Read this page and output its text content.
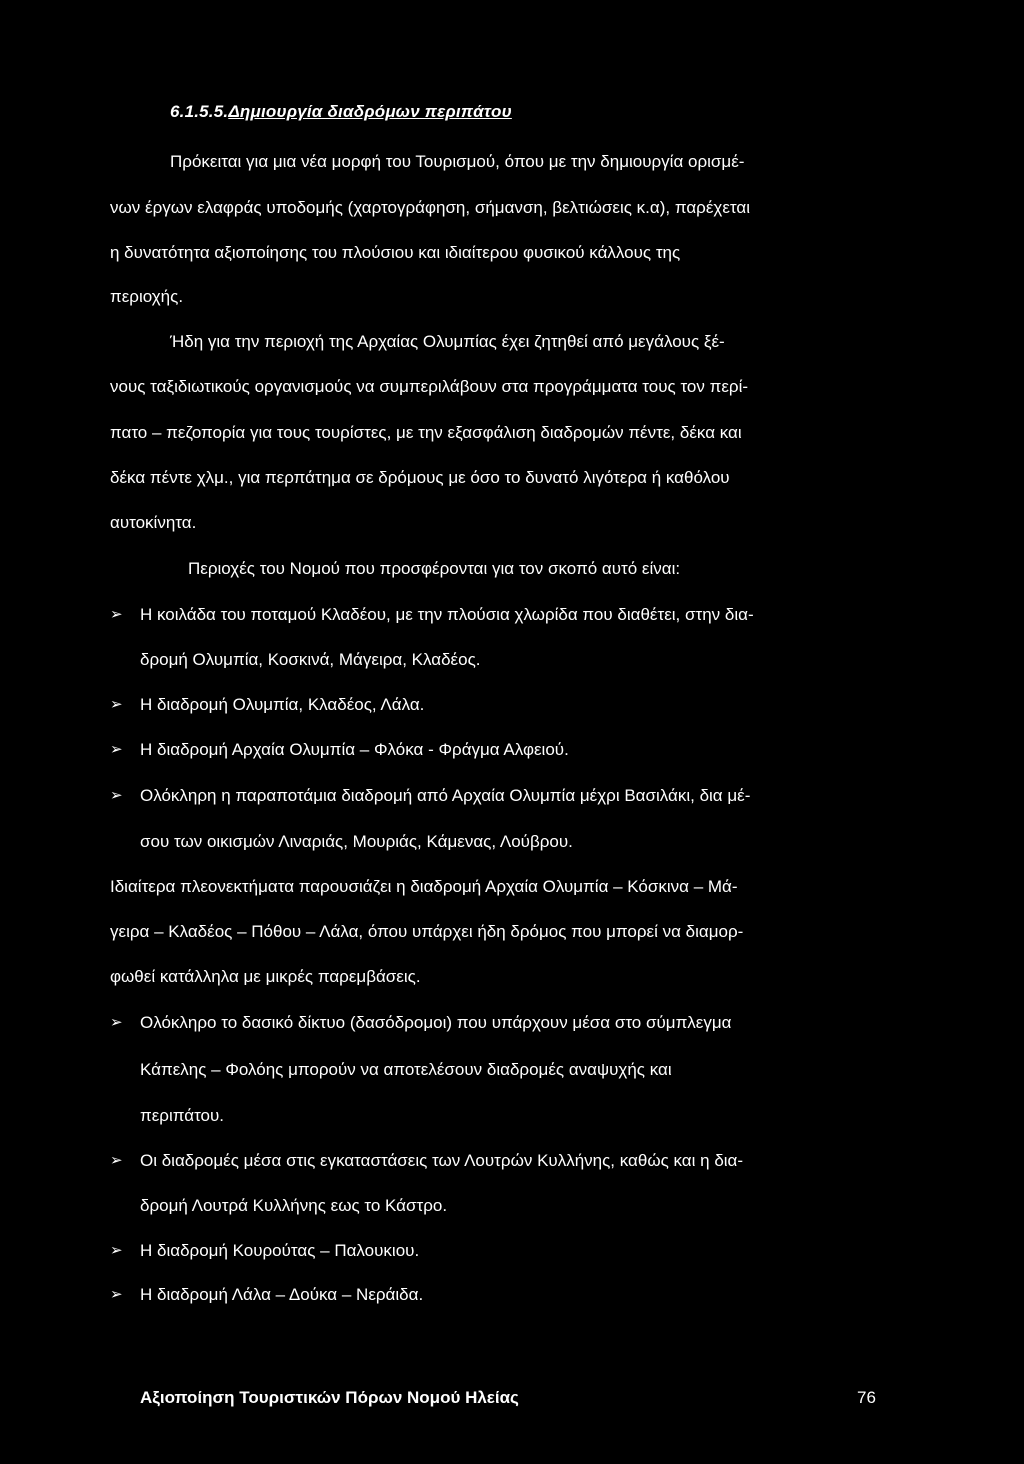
6.1.5.5.Δημιουργία διαδρόμων περιπάτου
Πρόκειται για μια νέα μορφή του Τουρισμού, όπου με την δημιουργία ορισμέ-
νων έργων ελαφράς υποδομής (χαρτογράφηση, σήμανση, βελτιώσεις κ.α), παρέχεται
η δυνατότητα αξιοποίησης του πλούσιου και ιδιαίτερου φυσικού κάλλους της
περιοχής.
Ήδη για την περιοχή της Αρχαίας Ολυμπίας έχει ζητηθεί από μεγάλους ξέ-
νους ταξιδιωτικούς οργανισμούς να συμπεριλάβουν στα προγράμματα τους τον περί-
πατο – πεζοπορία για τους τουρίστες, με την εξασφάλιση διαδρομών πέντε, δέκα και
δέκα πέντε χλμ., για περπάτημα σε δρόμους με όσο το δυνατό λιγότερα ή καθόλου
αυτοκίνητα.
Περιοχές του Νομού που προσφέρονται για τον σκοπό αυτό είναι:
➢ Η κοιλάδα του ποταμού Κλαδέου, με την πλούσια χλωρίδα που διαθέτει, στην δια-
δρομή Ολυμπία, Κοσκινά, Μάγειρα, Κλαδέος.
➢ Η διαδρομή Ολυμπία, Κλαδέος, Λάλα.
➢ Η διαδρομή Αρχαία Ολυμπία – Φλόκα - Φράγμα Αλφειού.
➢ Ολόκληρη η παραποτάμια διαδρομή από Αρχαία Ολυμπία μέχρι Βασιλάκι, δια μέ-
σου των οικισμών Λιναριάς, Μουριάς, Κάμενας, Λούβρου.
Ιδιαίτερα πλεονεκτήματα παρουσιάζει η διαδρομή Αρχαία Ολυμπία – Κόσκινα – Μά-
γειρα – Κλαδέος – Πόθου – Λάλα, όπου υπάρχει ήδη δρόμος που μπορεί να διαμορ-
φωθεί κατάλληλα με μικρές παρεμβάσεις.
➢ Ολόκληρο το δασικό δίκτυο (δασόδρομοι) που υπάρχουν μέσα στο σύμπλεγμα
Κάπελης – Φολόης μπορούν να αποτελέσουν διαδρομές αναψυχής και
περιπάτου.
➢ Οι διαδρομές μέσα στις εγκαταστάσεις των Λουτρών Κυλλήνης, καθώς και η δια-
δρομή Λουτρά Κυλλήνης εως το Κάστρο.
➢ Η διαδρομή Κουρούτας – Παλουκιου.
➢ Η διαδρομή Λάλα – Δούκα – Νεράιδα.
Αξιοποίηση Τουριστικών Πόρων Νομού Ηλείας	76
